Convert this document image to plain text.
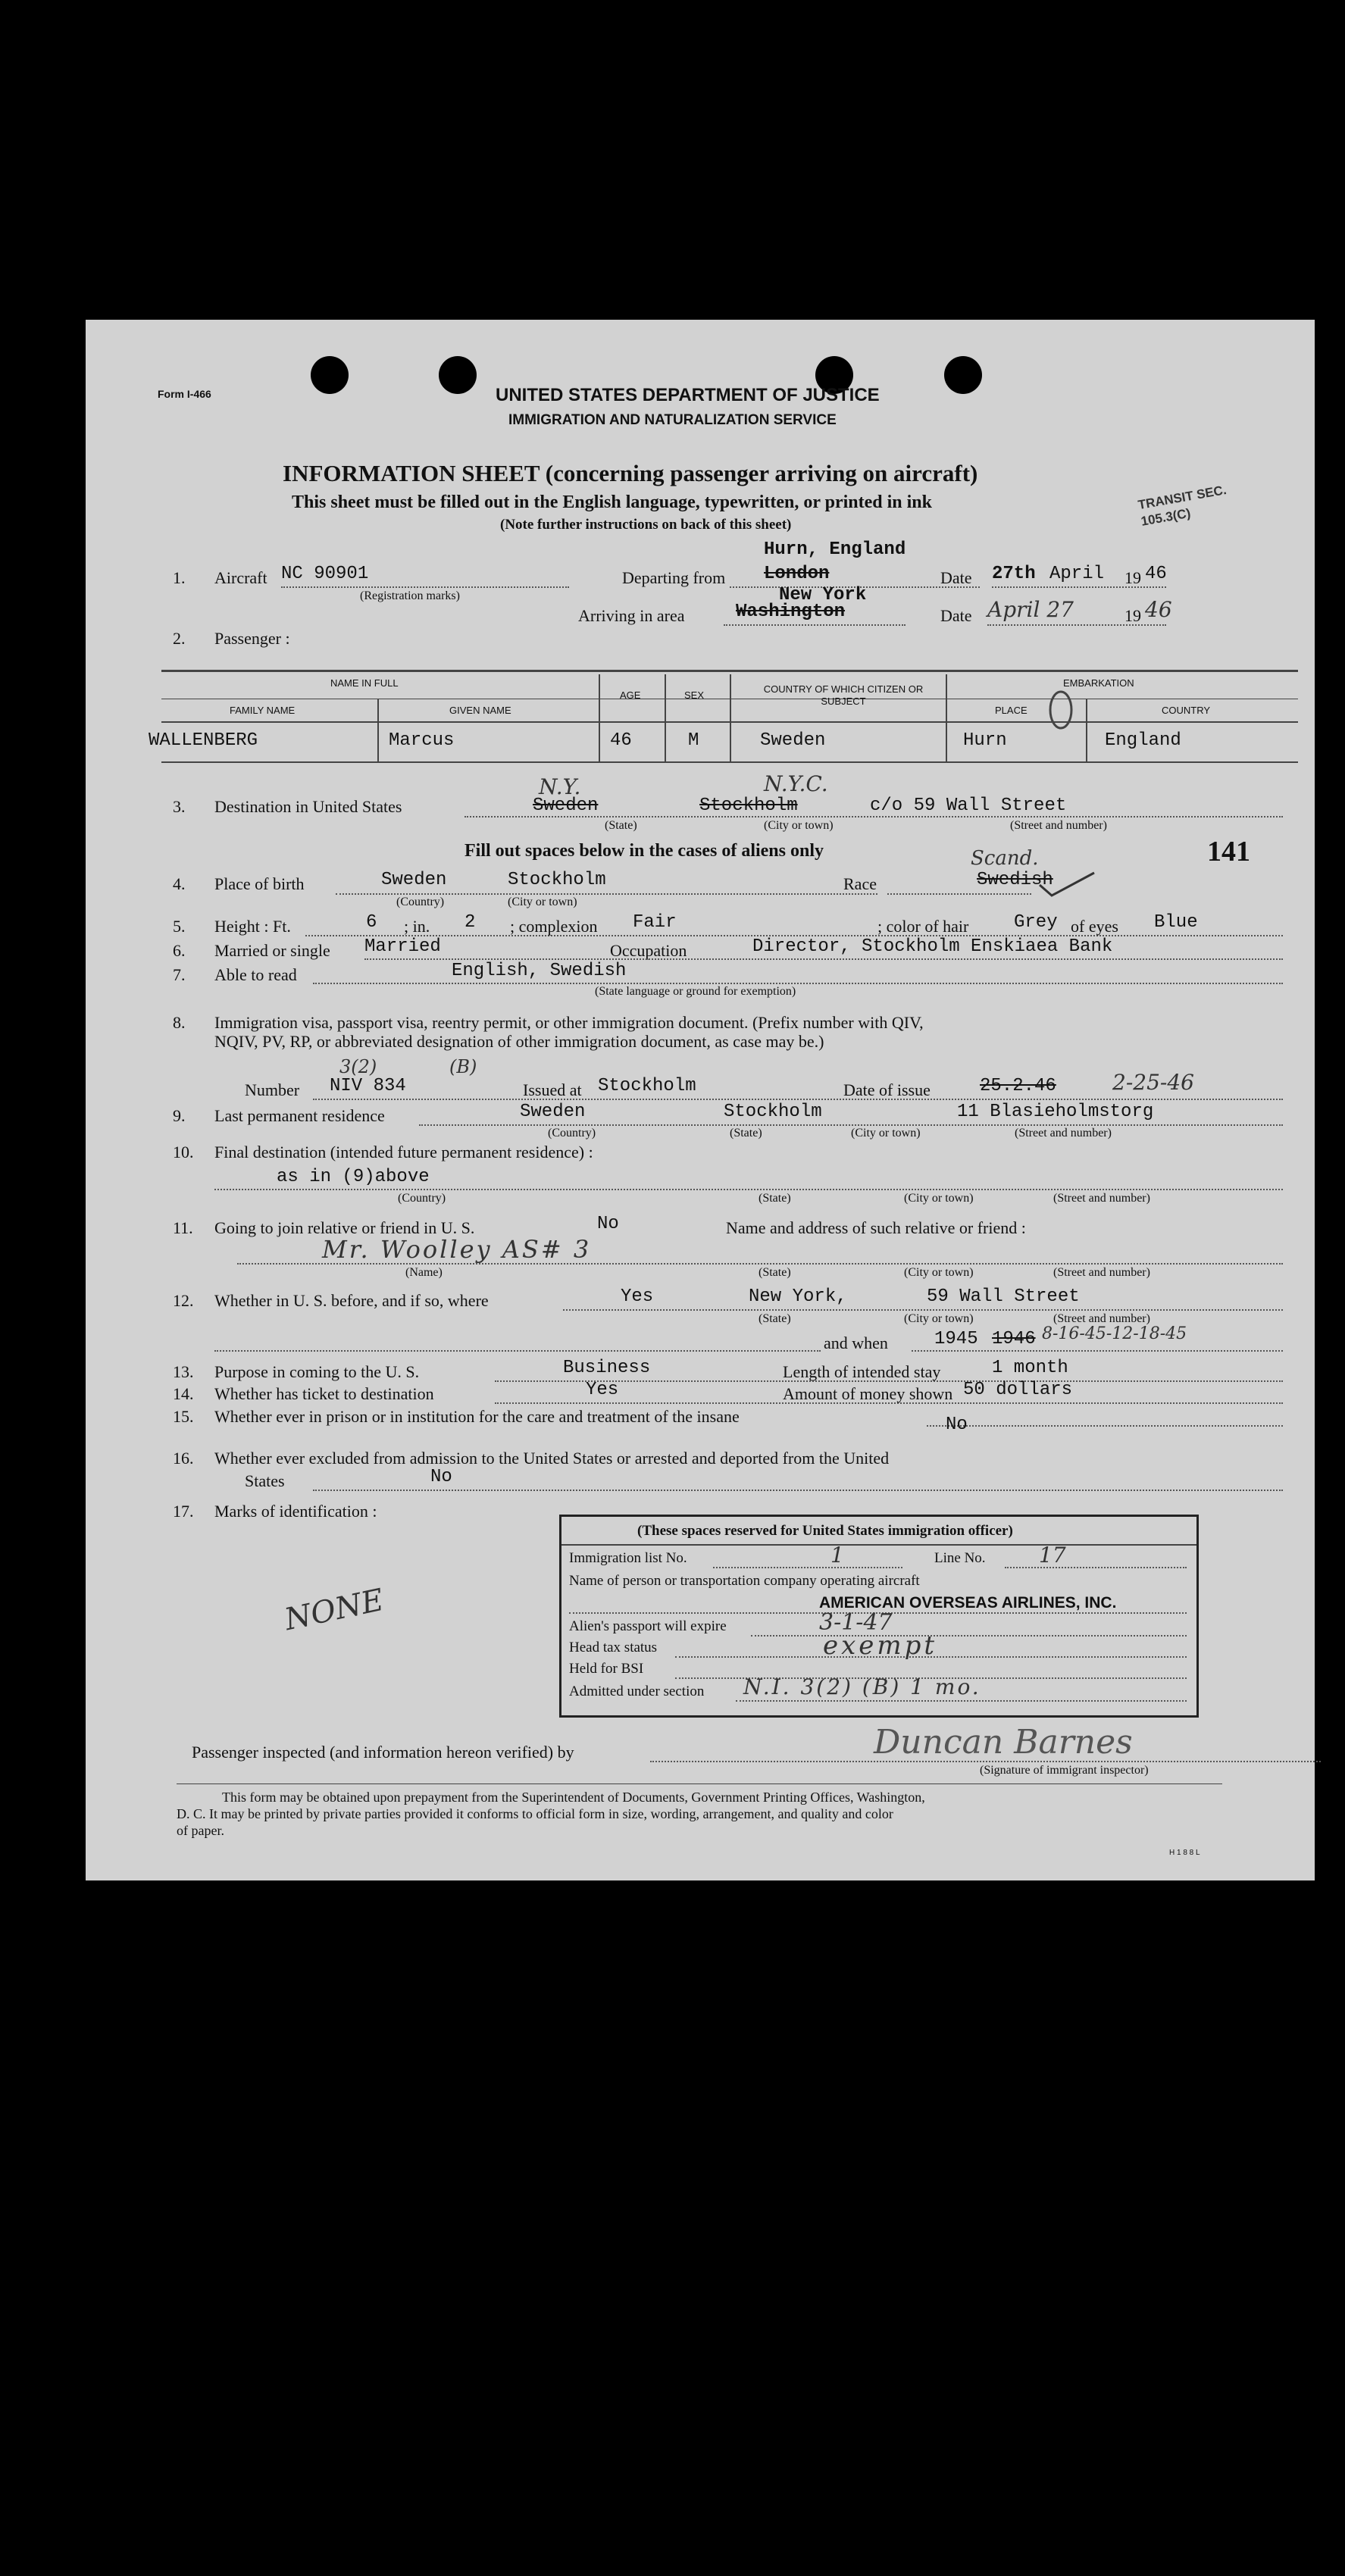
Form I-466	UNITED STATES DEPARTMENT OF JUSTICE
IMMIGRATION AND NATURALIZATION SERVICE
INFORMATION SHEET (concerning passenger arriving on aircraft)
This sheet must be filled out in the English language, typewritten, or printed in ink
(Note further instructions on back of this sheet)
TRANSIT SEC. 105.3(C)
141
1. Aircraft NC 90901
(Registration marks)
Hurn, England
Departing from London	Date 27th April 19 46
New York
Arriving in area	Washington	Date April 27	19 46
2. Passenger :
NAME IN FULL
FAMILY NAME	GIVEN NAME
AGE	SEX
COUNTRY OF WHICH CITIZEN OR SUBJECT
EMBARKATION
PLACE	COUNTRY
WALLENBERG	Marcus	46	M	Sweden	Hurn	England
3. Destination in United States
N.Y.	N.Y.C.
Sweden	Stockholm	c/o 59 Wall Street
(State)	(City or town)	(Street and number)
Fill out spaces below in the cases of aliens only
4. Place of birth	Sweden	Stockholm
(Country)	(City or town)
Race
Scand.
Swedish
5. Height : Ft.	6 ; in. 2 ; complexion Fair	; color of hair Grey of eyes Blue
6. Married or single Married	Occupation	Director, Stockholm Enskiaea Bank
7. Able to read	English, Swedish
(State language or ground for exemption)
8. Immigration visa, passport visa, reentry permit, or other immigration document. (Prefix number with QIV,
NQIV, PV, RP, or abbreviated designation of other immigration document, as case may be.)
3(2)	(B)
Number NIV 834	Issued at Stockholm	Date of issue	25.2.46	2-25-46
9. Last permanent residence	Sweden	Stockholm	11 Blasieholmstorg
(Country)	(State)	(City or town)	(Street and number)
10. Final destination (intended future permanent residence) :
as in (9)above
(Country)	(State)	(City or town)	(Street and number)
11. Going to join relative or friend in U. S.	No	Name and address of such relative or friend :
Mr. Woolley AS# 3
(Name)	(State)	(City or town)	(Street and number)
12. Whether in U. S. before, and if so, where	Yes	New York,	59 Wall Street
(State)	(City or town)	(Street and number)
and when	1945 1946 8-16-45-12-18-45
13. Purpose in coming to the U. S.	Business	Length of intended stay	1 month
14. Whether has ticket to destination	Yes	Amount of money shown 50 dollars
15. Whether ever in prison or in institution for the care and treatment of the insane	No
16. Whether ever excluded from admission to the United States or arrested and deported from the United
States	No
17. Marks of identification :
NONE
(These spaces reserved for United States immigration officer)
Immigration list No.	1	Line No.	17
Name of person or transportation company operating aircraft
AMERICAN OVERSEAS AIRLINES, INC.
Alien's passport will expire	3-1-47
Head tax status	exempt
Held for BSI
Admitted under section N.I. 3(2) (B) 1 mo.
Passenger inspected (and information hereon verified) by	Duncan Barnes
(Signature of immigrant inspector)
This form may be obtained upon prepayment from the Superintendent of Documents, Government Printing Offices, Washington,
D. C. It may be printed by private parties provided it conforms to official form in size, wording, arrangement, and quality and color
of paper.
H 1 8 8 L
